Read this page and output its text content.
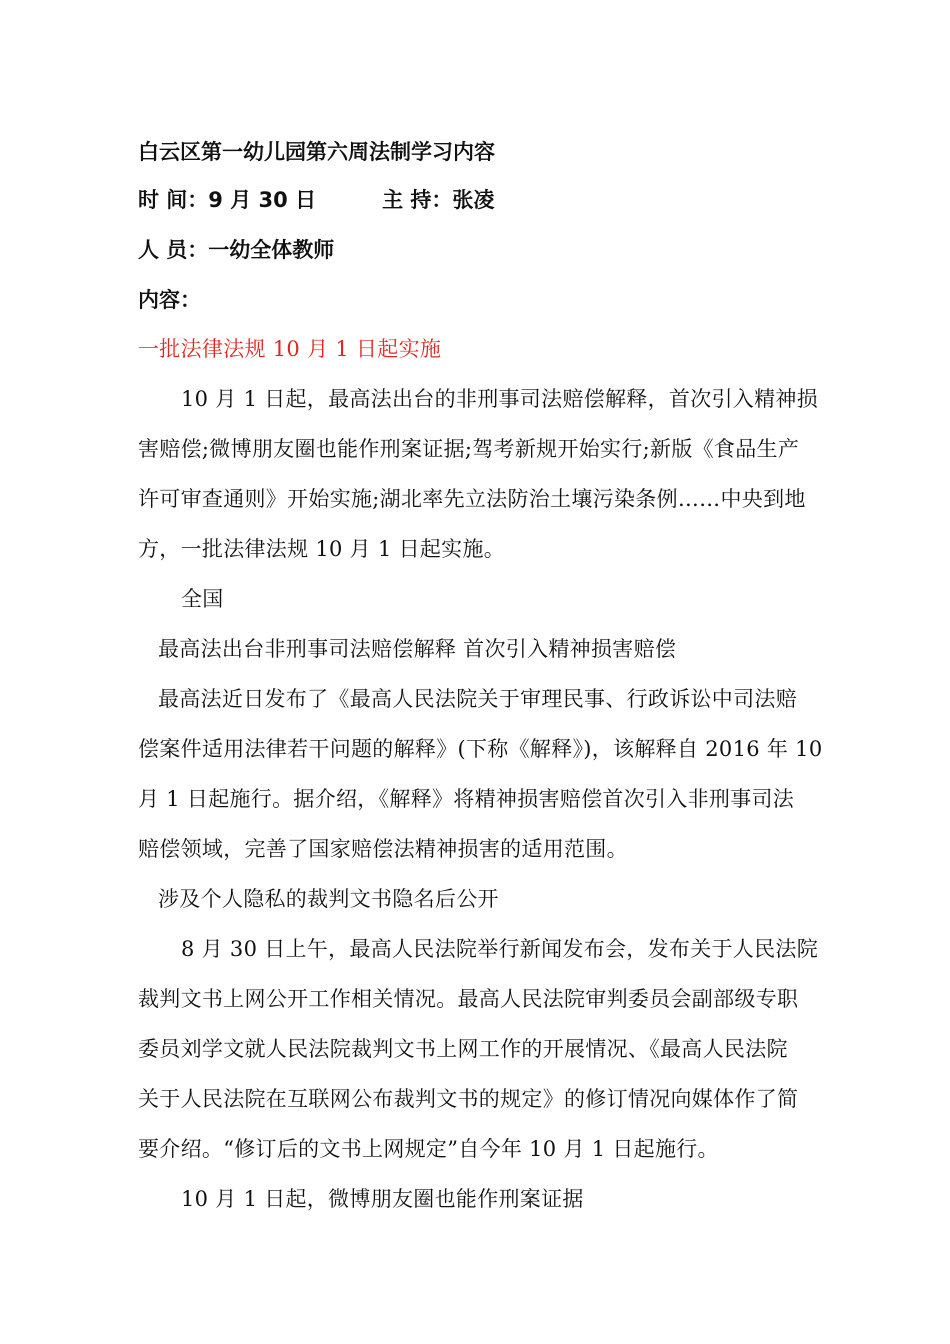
白云区第一幼儿园第六周法制学习内容
时 间：9 月 30 日	主 持：张凌
人 员：一幼全体教师
内容：
一批法律法规 10 月 1 日起实施
10 月 1 日起，最高法出台的非刑事司法赔偿解释，首次引入精神损
害赔偿;微博朋友圈也能作刑案证据;驾考新规开始实行;新版《食品生产
许可审查通则》开始实施;湖北率先立法防治土壤污染条例……中央到地
方，一批法律法规 10 月 1 日起实施。
全国
最高法出台非刑事司法赔偿解释 首次引入精神损害赔偿
最高法近日发布了《最高人民法院关于审理民事、行政诉讼中司法赔
偿案件适用法律若干问题的解释》(下称《解释》)，该解释自 2016 年 10
月 1 日起施行。据介绍，《解释》将精神损害赔偿首次引入非刑事司法
赔偿领域，完善了国家赔偿法精神损害的适用范围。
涉及个人隐私的裁判文书隐名后公开
8 月 30 日上午，最高人民法院举行新闻发布会，发布关于人民法院
裁判文书上网公开工作相关情况。最高人民法院审判委员会副部级专职
委员刘学文就人民法院裁判文书上网工作的开展情况、《最高人民法院
关于人民法院在互联网公布裁判文书的规定》的修订情况向媒体作了简
要介绍。“修订后的文书上网规定”自今年 10 月 1 日起施行。
10 月 1 日起，微博朋友圈也能作刑案证据
